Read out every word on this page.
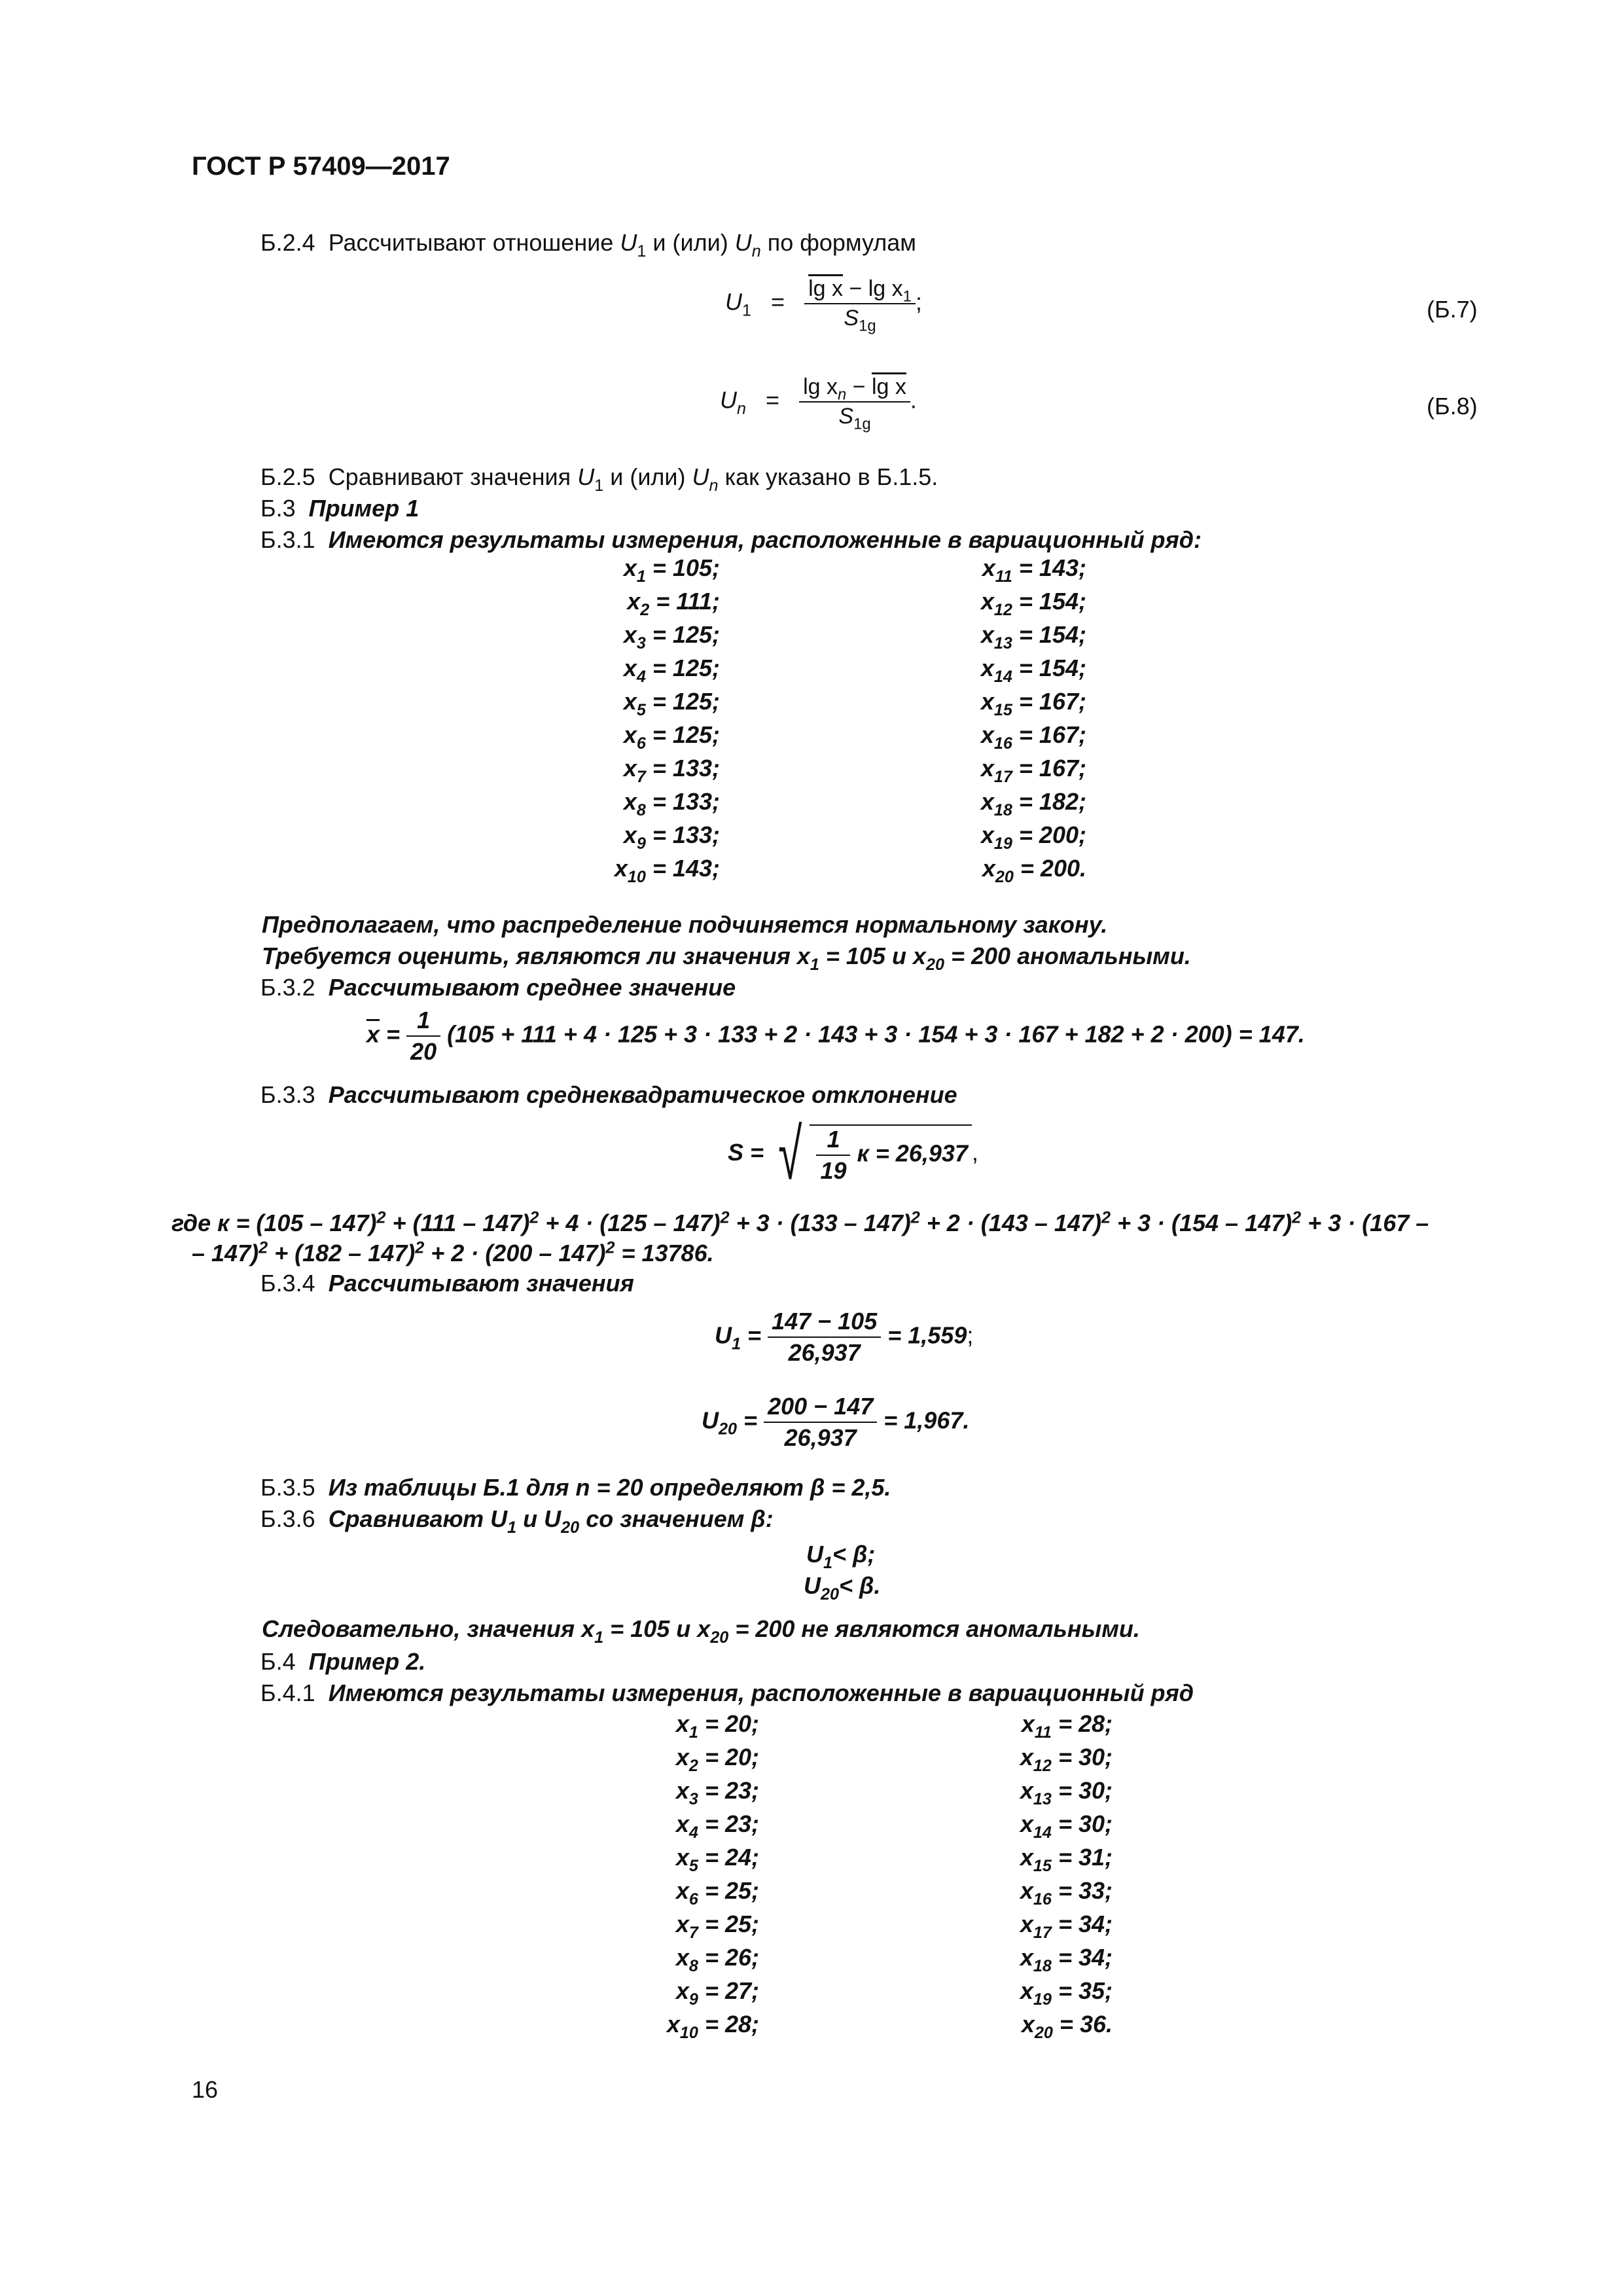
ГОСТ Р 57409—2017
Б.2.4 Рассчитывают отношение $U_1$ и (или) $U_n$ по формулам
$U_1 = \frac{\lg x - \lg x_1}{S_{1g}}$ ;	(Б.7)
$U_n = \frac{\lg x_n - \lg x}{S_{1g}}$ .	(Б.8)
Б.2.5 Сравнивают значения $U_1$ и (или) $U_n$ как указано в Б.1.5.
Б.3 Пример 1
Б.3.1 Имеются результаты измерения, расположенные в вариационный ряд:
$x_1 = 105$;
$x_2 = 111$;
$x_3 = 125$;
$x_4 = 125$;
$x_5 = 125$;
$x_6 = 125$;
$x_7 = 133$;
$x_8 = 133$;
$x_9 = 133$;
$x_{10} = 143$;
$x_{11} = 143$;
$x_{12} = 154$;
$x_{13} = 154$;
$x_{14} = 154$;
$x_{15} = 167$;
$x_{16} = 167$;
$x_{17} = 167$;
$x_{18} = 182$;
$x_{19} = 200$;
$x_{20} = 200$.
Предполагаем, что распределение подчиняется нормальному закону.
Требуется оценить, являются ли значения $x_1 = 105$ и $x_{20} = 200$ аномальными.
Б.3.2 Рассчитывают среднее значение
$\overline{x} = \frac{1}{20} (105 + 111 + 4 \cdot 125 + 3 \cdot 133 + 2 \cdot 143 + 3 \cdot 154 + 3 \cdot 167 + 182 + 2 \cdot 200) = 147$.
Б.3.3 Рассчитывают среднеквадратическое отклонение
S = √ $\frac{1}{19}$ к = 26,937 ,
где к = (105 – 147)$^2$ + (111 – 147)$^2$ + 4 · (125 – 147)$^2$ + 3 · (133 – 147)$^2$ + 2 · (143 – 147)$^2$ + 3 · (154 – 147)$^2$ + 3 · (167 –
– 147)$^2$ + (182 – 147)$^2$ + 2 · (200 – 147)$^2$ = 13786.
Б.3.4 Рассчитывают значения
$U_1 = \frac{147 - 105}{26,937} = 1,559$;
$U_{20} = \frac{200 - 147}{26,937} = 1,967$.
Б.3.5 Из таблицы Б.1 для n = 20 определяют β = 2,5.
Б.3.6 Сравнивают $U_1$ и $U_{20}$ со значением β:
$U_1< \beta$;
$U_{20}< \beta$.
Следовательно, значения $x_1 = 105$ и $x_{20} = 200$ не являются аномальными.
Б.4 Пример 2.
Б.4.1 Имеются результаты измерения, расположенные в вариационный ряд
$x_1 = 20$;
$x_2 = 20$;
$x_3 = 23$;
$x_4 = 23$;
$x_5 = 24$;
$x_6 = 25$;
$x_7 = 25$;
$x_8 = 26$;
$x_9 = 27$;
$x_{10} = 28$;
$x_{11} = 28$;
$x_{12} = 30$;
$x_{13} = 30$;
$x_{14} = 30$;
$x_{15} = 31$;
$x_{16} = 33$;
$x_{17} = 34$;
$x_{18} = 34$;
$x_{19} = 35$;
$x_{20} = 36$.
16
